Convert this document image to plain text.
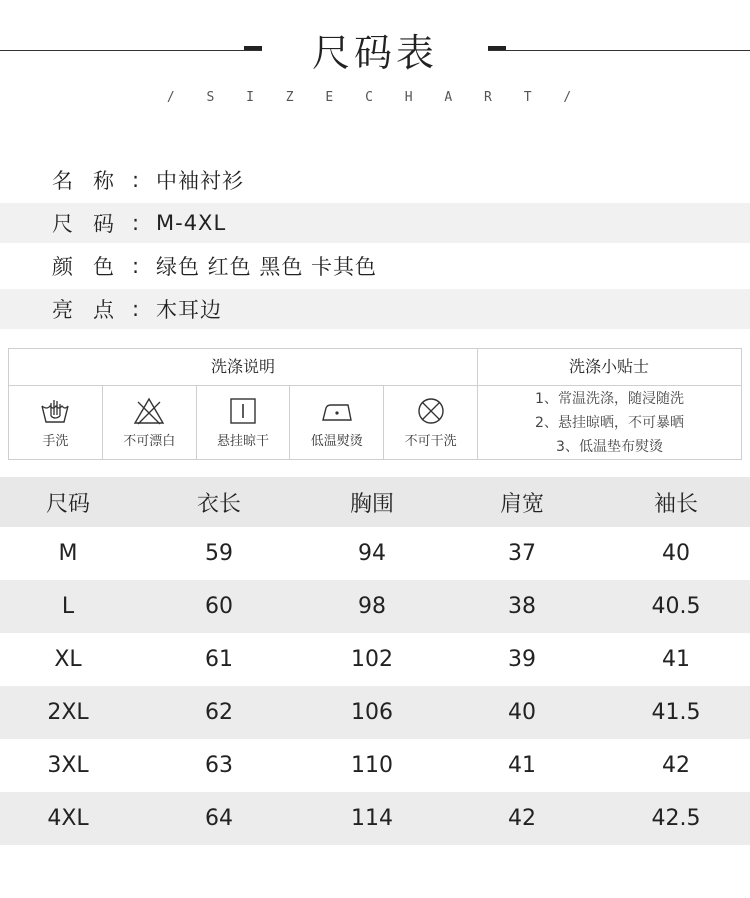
尺码表
/ S I Z E C H A R T /
名称
: 中袖衬衫
尺码
: M-4XL
颜色
: 绿色 红色 黑色 卡其色
亮点
: 木耳边
洗涤说明	洗涤小贴士
手洗	不可漂白	悬挂晾干	低温熨烫	不可干洗
1、常温洗涤，随浸随洗
2、悬挂晾晒，不可暴晒
3、低温垫布熨烫
尺码	衣长	胸围	肩宽	袖长
M	59	94	37	40
L	60	98	38	40.5
XL	61	102	39	41
2XL	62	106	40	41.5
3XL	63	110	41	42
4XL	64	114	42	42.5
